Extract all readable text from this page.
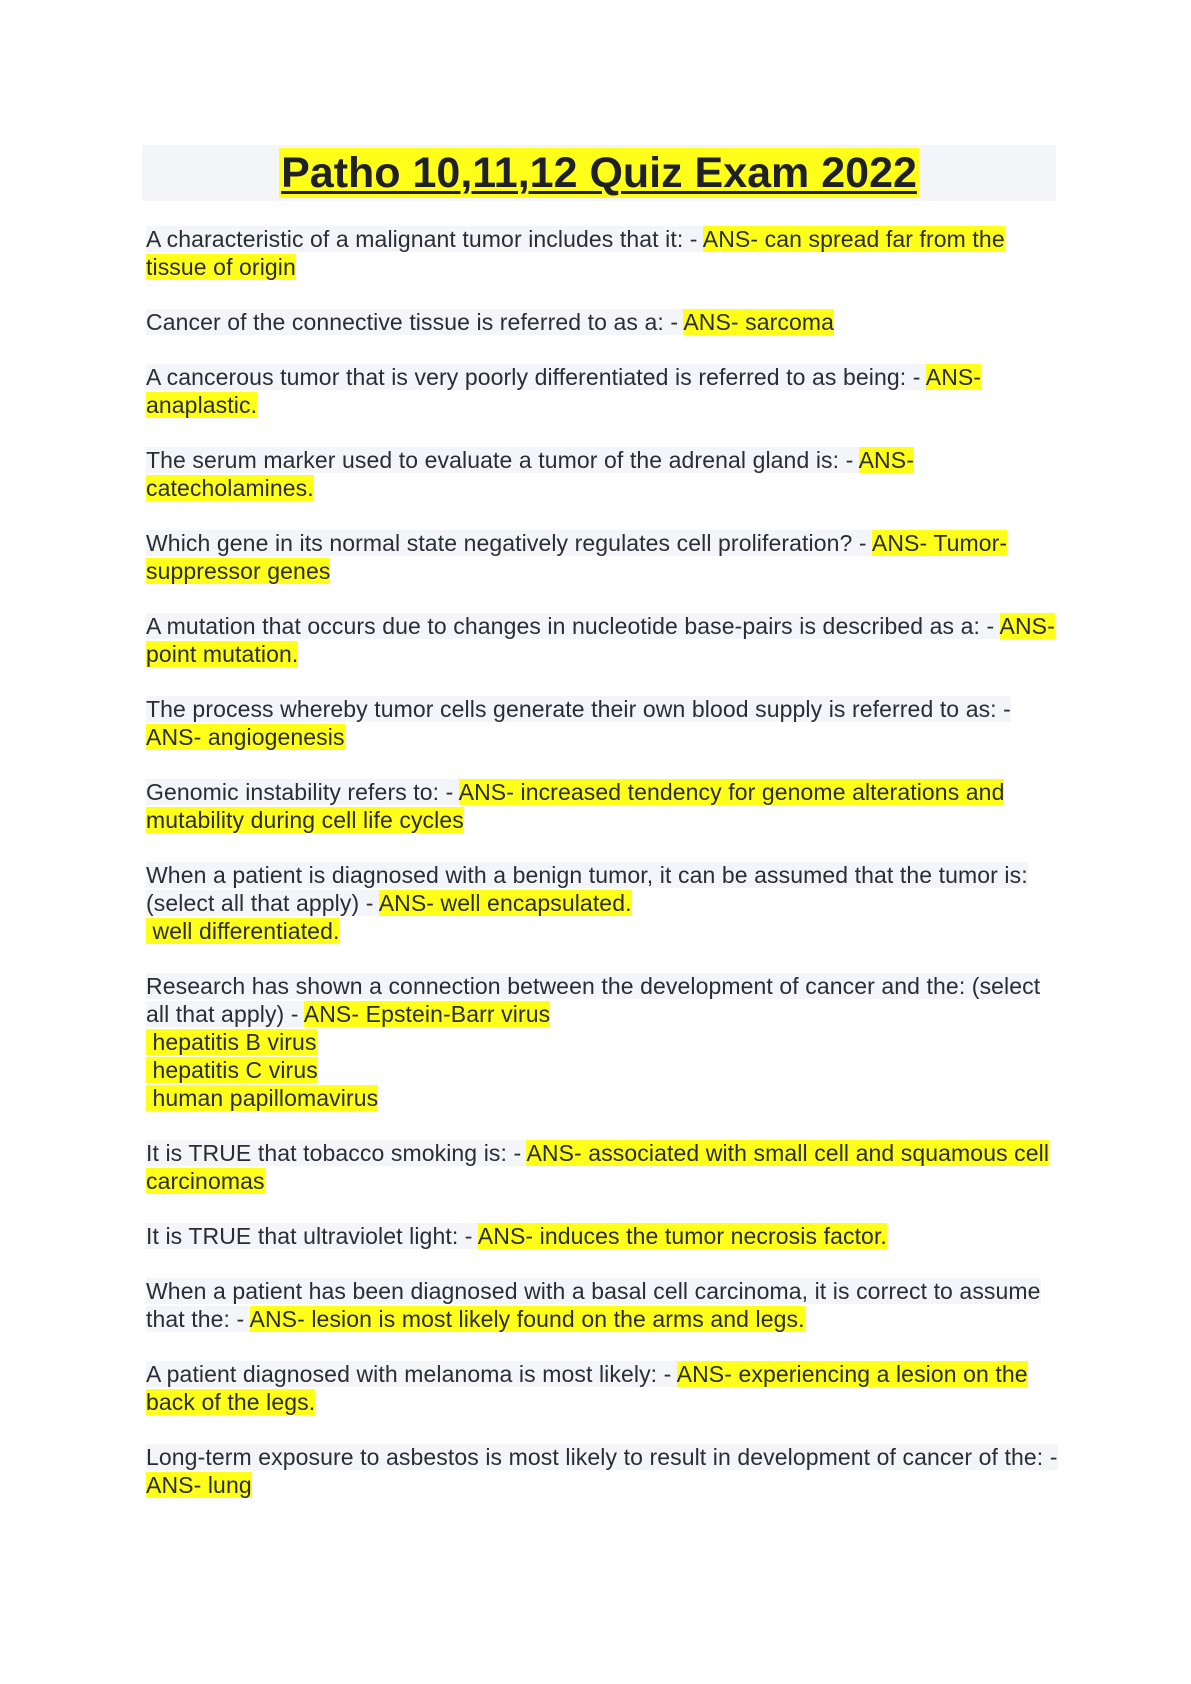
Patho 10,11,12 Quiz Exam 2022
A characteristic of a malignant tumor includes that it: - ANS- can spread far from the tissue of origin
Cancer of the connective tissue is referred to as a: - ANS- sarcoma
A cancerous tumor that is very poorly differentiated is referred to as being: - ANS- anaplastic.
The serum marker used to evaluate a tumor of the adrenal gland is: - ANS- catecholamines.
Which gene in its normal state negatively regulates cell proliferation? - ANS- Tumor-suppressor genes
A mutation that occurs due to changes in nucleotide base-pairs is described as a: - ANS- point mutation.
The process whereby tumor cells generate their own blood supply is referred to as: - ANS- angiogenesis
Genomic instability refers to: - ANS- increased tendency for genome alterations and mutability during cell life cycles
When a patient is diagnosed with a benign tumor, it can be assumed that the tumor is: (select all that apply) - ANS- well encapsulated.
well differentiated.
Research has shown a connection between the development of cancer and the: (select all that apply) - ANS- Epstein-Barr virus
hepatitis B virus
hepatitis C virus
human papillomavirus
It is TRUE that tobacco smoking is: - ANS- associated with small cell and squamous cell carcinomas
It is TRUE that ultraviolet light: - ANS- induces the tumor necrosis factor.
When a patient has been diagnosed with a basal cell carcinoma, it is correct to assume that the: - ANS- lesion is most likely found on the arms and legs.
A patient diagnosed with melanoma is most likely: - ANS- experiencing a lesion on the back of the legs.
Long-term exposure to asbestos is most likely to result in development of cancer of the: - ANS- lung
